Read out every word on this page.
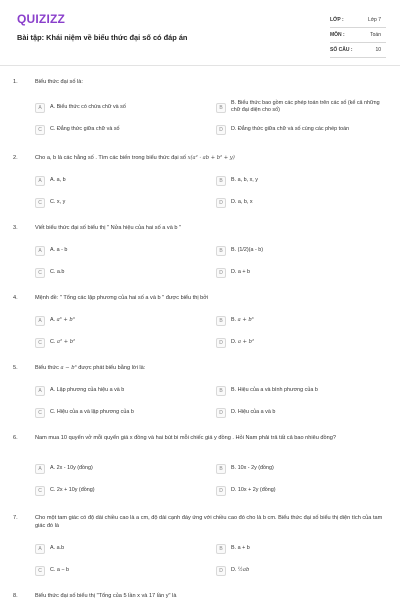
QUIZIZZ
Bài tập: Khái niệm về biểu thức đại số có đáp án
LỚP :	Lớp 7
MÔN :	Toán
SỐ CÂU :	10
1.	Biểu thức đại số là:
A	A. Biểu thức có chứa chữ và số	B
B. Biểu thức bao gồm các phép toán trên các số (kể cả những chữ đại diện cho số)
C	C. Đẳng thức giữa chữ và số	D	D. Đẳng thức giữa chữ và số cùng các phép toán
2.	Cho a, b là các hằng số . Tìm các biến trong biểu thức đại số x(a² · ab + b² + y)
A	A. a, b	B	B. a, b, x, y
C	C. x, y	D	D. a, b, x
3.	Viết biểu thức đại số biểu thị " Nửa hiệu của hai số a và b "
A	A. a - b	B	B. (1/2)(a - b)
C	C. a.b	D	D. a + b
4.	Mệnh đề: " Tổng các lập phương của hai số a và b " được biểu thị bởi
A	A. a³ + b³	B	B. a + b³
C	C. a² + b²	D	D. a + b²
5.	Biểu thức a − b³ được phát biểu bằng lời là:
A	A. Lập phương của hiệu a và b	B	B. Hiệu của a và bình phương của b
C	C. Hiệu của a và lập phương của b	D	D. Hiệu của a và b
6.	Nam mua 10 quyển vở mỗi quyển giá x đồng và hai bút bi mỗi chiếc giá y đồng . Hỏi Nam phải trả tất cả bao nhiêu đồng?
A	A. 2x - 10y (đồng)	B	B. 10x - 2y (đồng)
C	C. 2x + 10y (đồng)	D	D. 10x + 2y (đồng)
7.	Cho một tam giác có độ dài chiều cao là a cm, độ dài cạnh đáy ứng với chiều cao đó cho là b cm. Biểu thức đại số biểu thị diện tích của tam giác đó là
A	A. a.b	B	B. a + b
C	C. a − b	D	D. ½ab
8.	Biểu thức đại số biểu thị "Tổng của 5 lần x và 17 lần y" là
